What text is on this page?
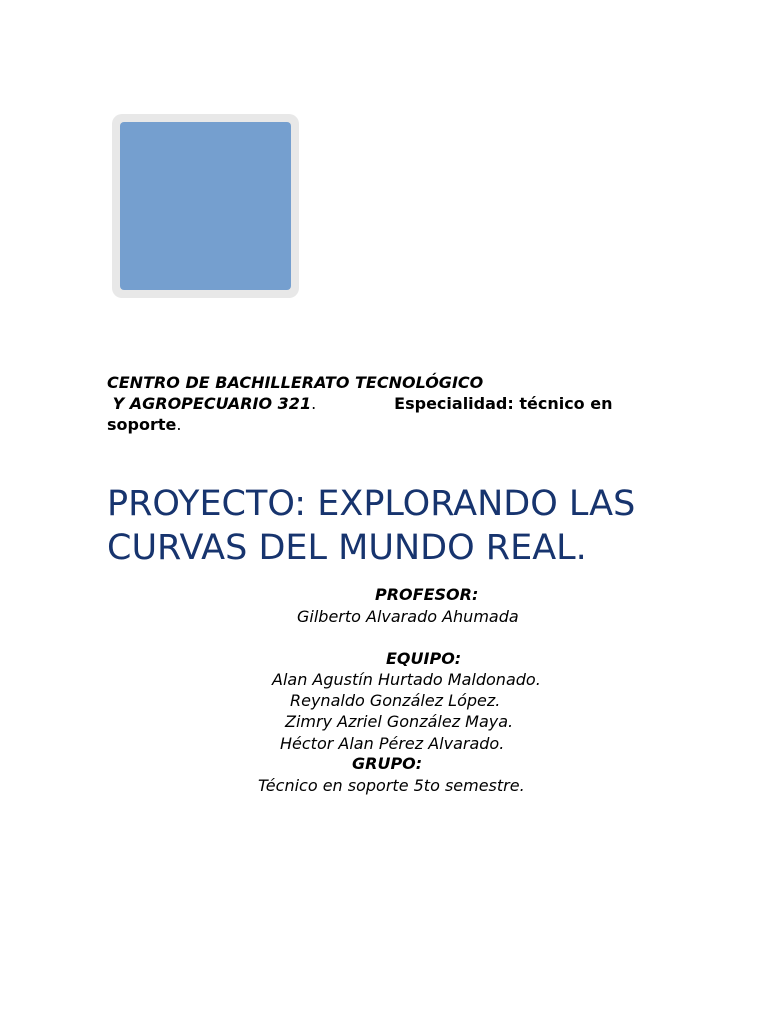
CENTRO DE BACHILLERATO TECNOLÓGICO
Y AGROPECUARIO 321.	Especialidad: técnico en
soporte.
PROYECTO: EXPLORANDO LAS
CURVAS DEL MUNDO REAL.
PROFESOR:
Gilberto Alvarado Ahumada
EQUIPO:
Alan Agustín Hurtado Maldonado.
Reynaldo González López.
Zimry Azriel González Maya.
Héctor Alan Pérez Alvarado.
GRUPO:
Técnico en soporte 5to semestre.
